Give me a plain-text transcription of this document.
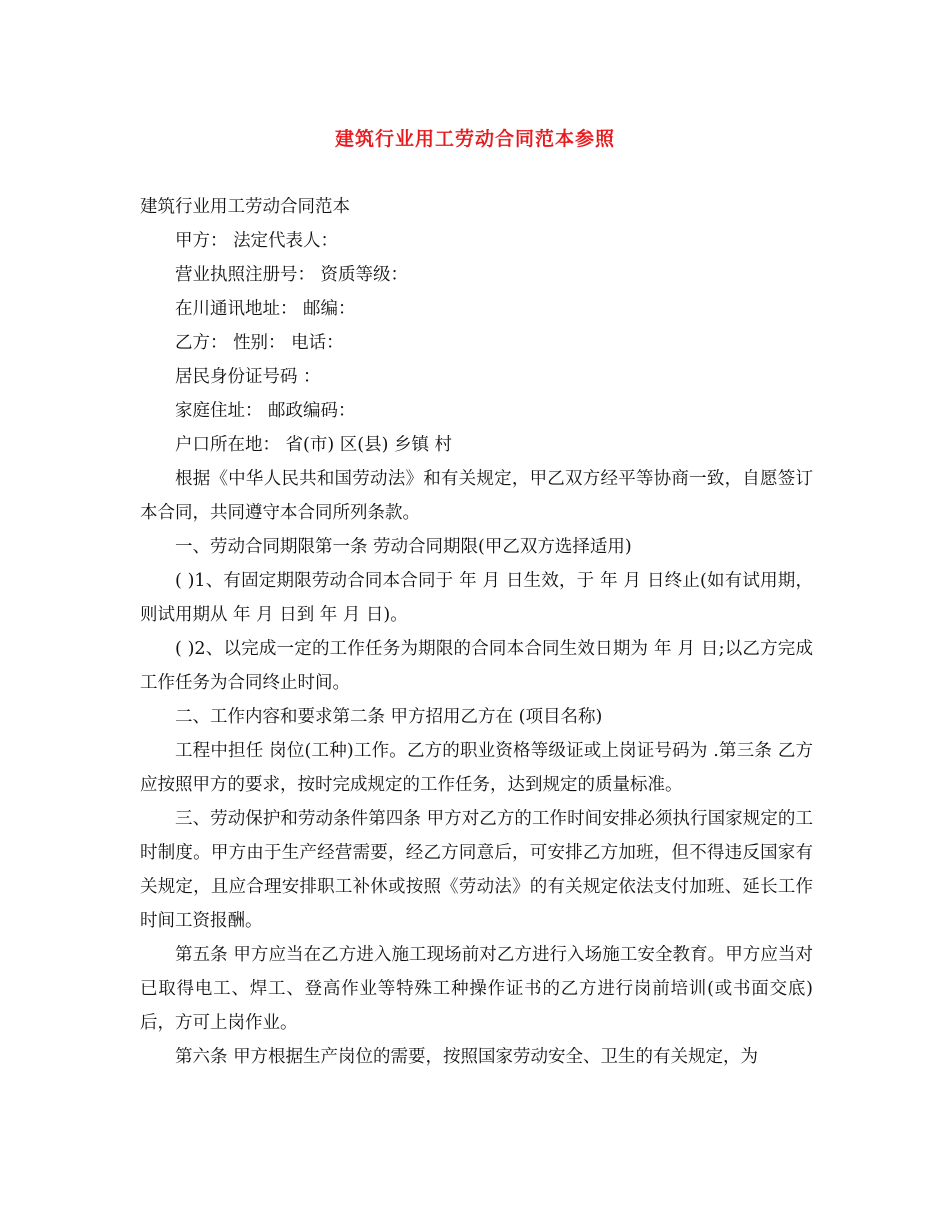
建筑行业用工劳动合同范本参照

建筑行业用工劳动合同范本

甲方： 法定代表人：

营业执照注册号： 资质等级：

在川通讯地址： 邮编：

乙方： 性别： 电话：

居民身份证号码 ：

家庭住址： 邮政编码：

户口所在地： 省(市) 区(县) 乡镇 村

根据《中华人民共和国劳动法》和有关规定，甲乙双方经平等协商一致，自愿签订本合同，共同遵守本合同所列条款。

一、劳动合同期限第一条 劳动合同期限(甲乙双方选择适用)

( )1、有固定期限劳动合同本合同于 年 月 日生效，于 年 月 日终止(如有试用期，则试用期从 年 月 日到 年 月 日)。

( )2、以完成一定的工作任务为期限的合同本合同生效日期为 年 月 日;以乙方完成工作任务为合同终止时间。

二、工作内容和要求第二条 甲方招用乙方在 (项目名称)

工程中担任 岗位(工种)工作。乙方的职业资格等级证或上岗证号码为 .第三条 乙方应按照甲方的要求，按时完成规定的工作任务，达到规定的质量标准。

三、劳动保护和劳动条件第四条 甲方对乙方的工作时间安排必须执行国家规定的工时制度。甲方由于生产经营需要，经乙方同意后，可安排乙方加班，但不得违反国家有关规定，且应合理安排职工补休或按照《劳动法》的有关规定依法支付加班、延长工作时间工资报酬。

第五条 甲方应当在乙方进入施工现场前对乙方进行入场施工安全教育。甲方应当对已取得电工、焊工、登高作业等特殊工种操作证书的乙方进行岗前培训(或书面交底)后，方可上岗作业。

第六条 甲方根据生产岗位的需要，按照国家劳动安全、卫生的有关规定，为
